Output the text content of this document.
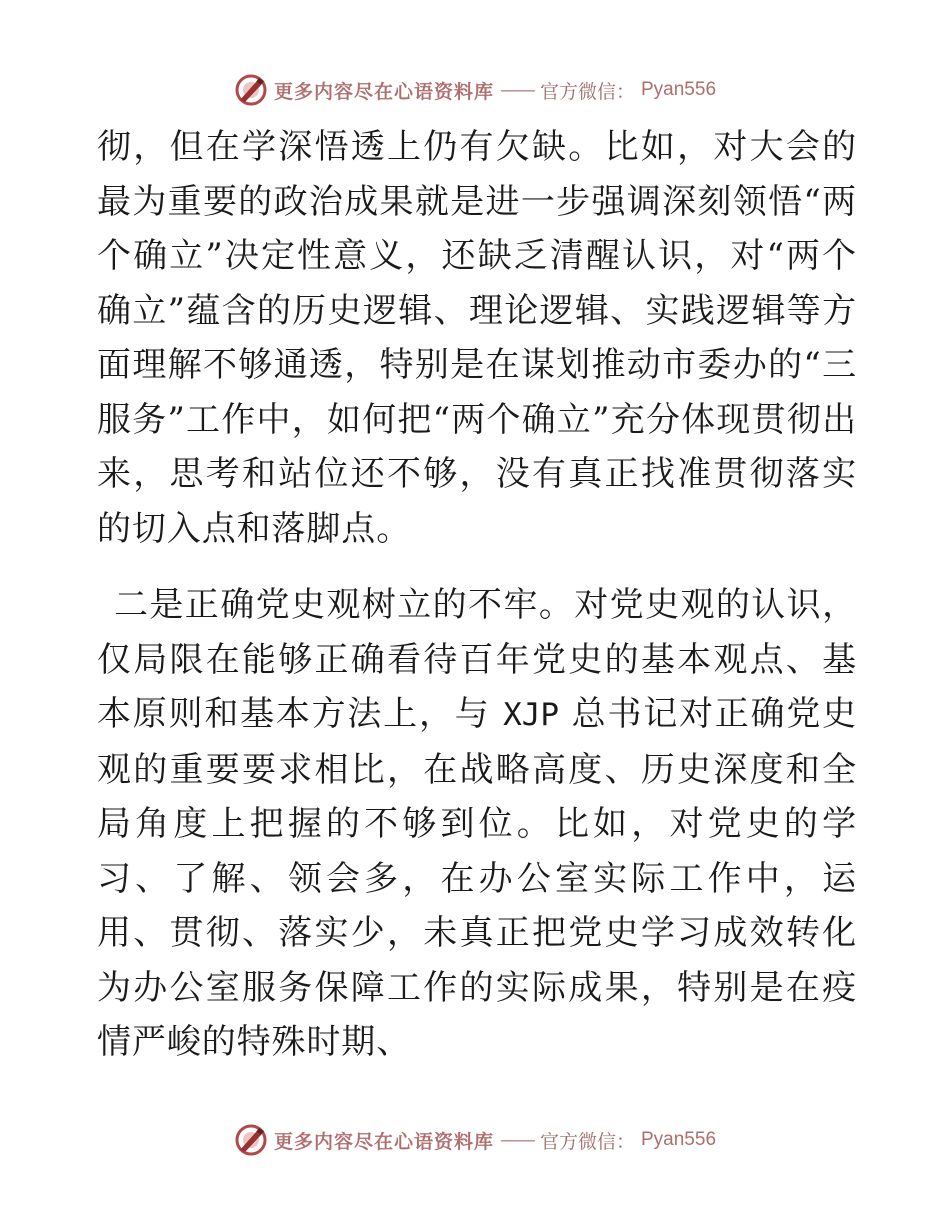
更多内容尽在心语资料库 —— 官方微信： Pyan556

彻，但在学深悟透上仍有欠缺。比如，对大会的最为重要的政治成果就是进一步强调深刻领悟“两个确立”决定性意义，还缺乏清醒认识，对“两个确立”蕴含的历史逻辑、理论逻辑、实践逻辑等方面理解不够通透，特别是在谋划推动市委办的“三服务”工作中，如何把“两个确立”充分体现贯彻出来，思考和站位还不够，没有真正找准贯彻落实的切入点和落脚点。

二是正确党史观树立的不牢。对党史观的认识，仅局限在能够正确看待百年党史的基本观点、基本原则和基本方法上，与 XJP 总书记对正确党史观的重要要求相比，在战略高度、历史深度和全局角度上把握的不够到位。比如，对党史的学习、了解、领会多，在办公室实际工作中，运用、贯彻、落实少，未真正把党史学习成效转化为办公室服务保障工作的实际成果，特别是在疫情严峻的特殊时期、

更多内容尽在心语资料库 —— 官方微信： Pyan556
